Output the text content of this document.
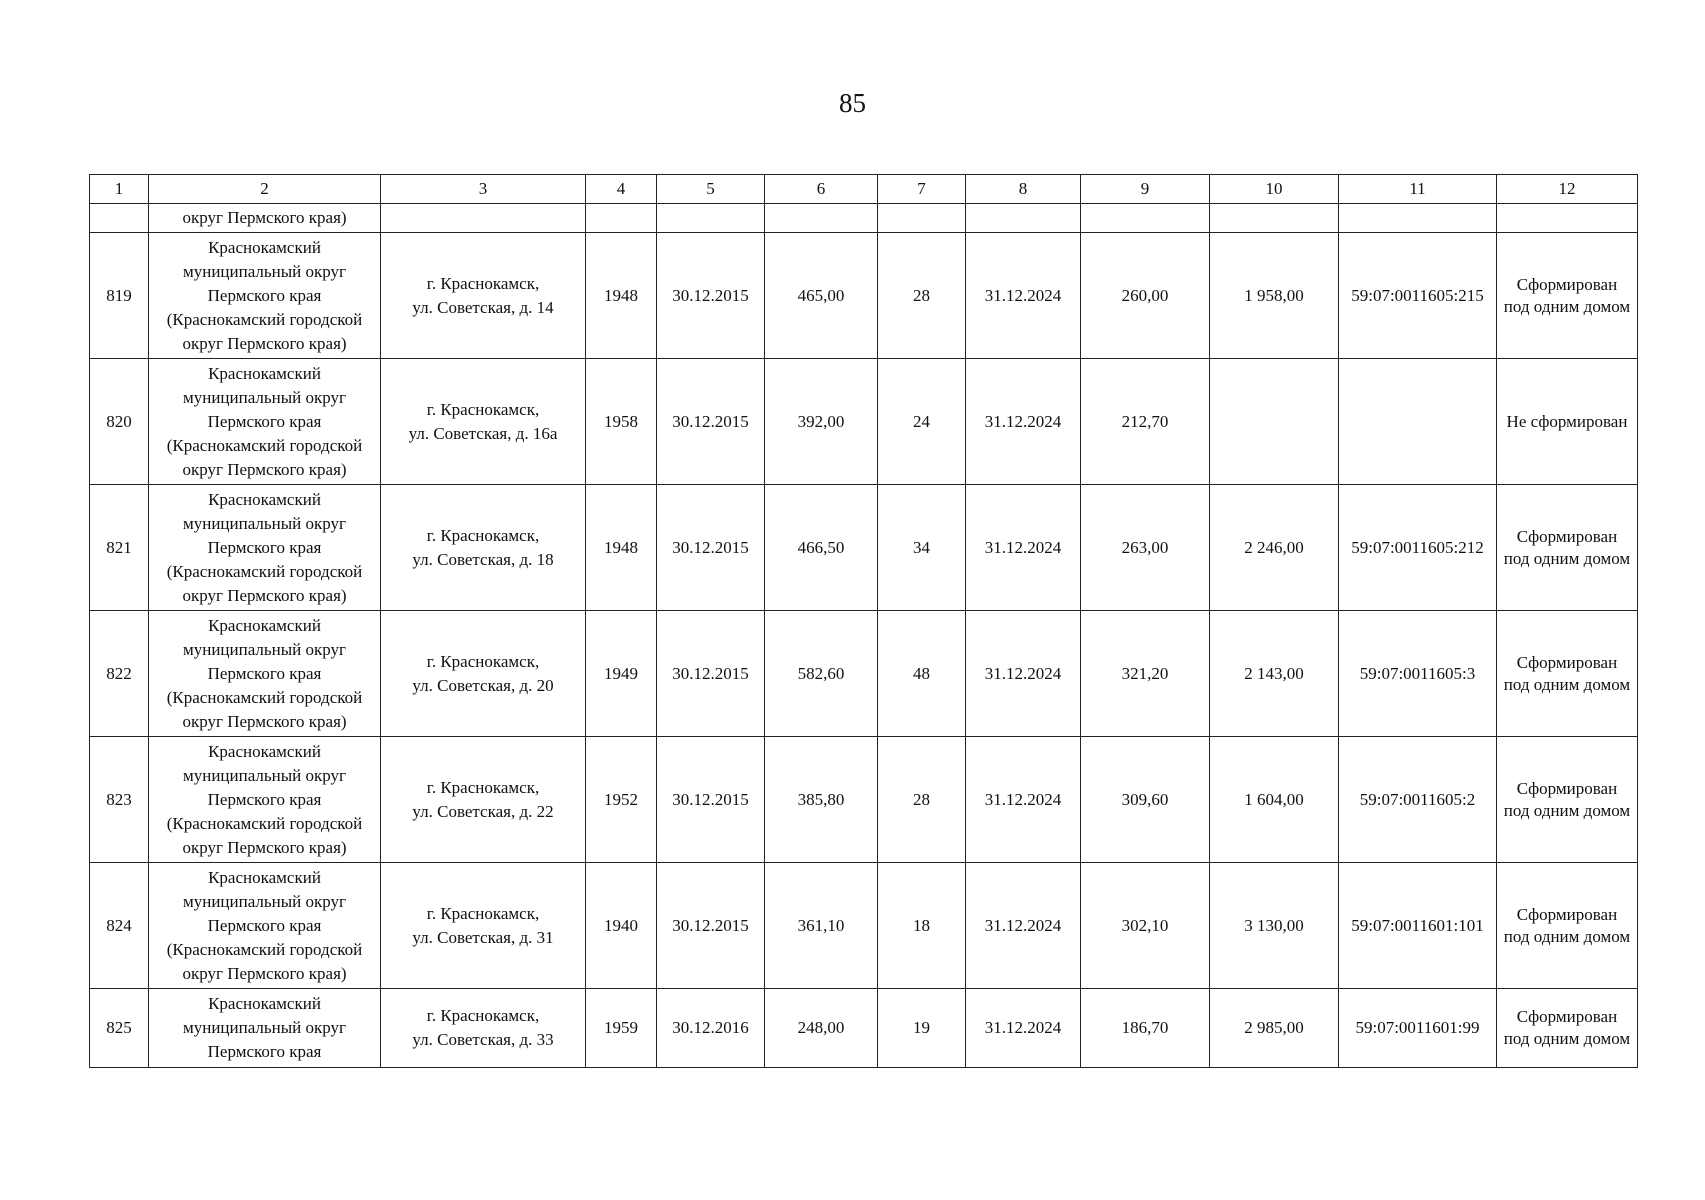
85
1	2	3	4	5	6	7	8	9	10	11	12
	округ Пермского края)										
819	Краснокамский
муниципальный округ
Пермского края
(Краснокамский городской
округ Пермского края)	г. Краснокамск,
ул. Советская, д. 14	1948	30.12.2015	465,00	28	31.12.2024	260,00	1 958,00	59:07:0011605:215	Сформирован
под одним домом
820	Краснокамский
муниципальный округ
Пермского края
(Краснокамский городской
округ Пермского края)	г. Краснокамск,
ул. Советская, д. 16а	1958	30.12.2015	392,00	24	31.12.2024	212,70			Не сформирован
821	Краснокамский
муниципальный округ
Пермского края
(Краснокамский городской
округ Пермского края)	г. Краснокамск,
ул. Советская, д. 18	1948	30.12.2015	466,50	34	31.12.2024	263,00	2 246,00	59:07:0011605:212	Сформирован
под одним домом
822	Краснокамский
муниципальный округ
Пермского края
(Краснокамский городской
округ Пермского края)	г. Краснокамск,
ул. Советская, д. 20	1949	30.12.2015	582,60	48	31.12.2024	321,20	2 143,00	59:07:0011605:3	Сформирован
под одним домом
823	Краснокамский
муниципальный округ
Пермского края
(Краснокамский городской
округ Пермского края)	г. Краснокамск,
ул. Советская, д. 22	1952	30.12.2015	385,80	28	31.12.2024	309,60	1 604,00	59:07:0011605:2	Сформирован
под одним домом
824	Краснокамский
муниципальный округ
Пермского края
(Краснокамский городской
округ Пермского края)	г. Краснокамск,
ул. Советская, д. 31	1940	30.12.2015	361,10	18	31.12.2024	302,10	3 130,00	59:07:0011601:101	Сформирован
под одним домом
825	Краснокамский
муниципальный округ
Пермского края	г. Краснокамск,
ул. Советская, д. 33	1959	30.12.2016	248,00	19	31.12.2024	186,70	2 985,00	59:07:0011601:99	Сформирован
под одним домом
